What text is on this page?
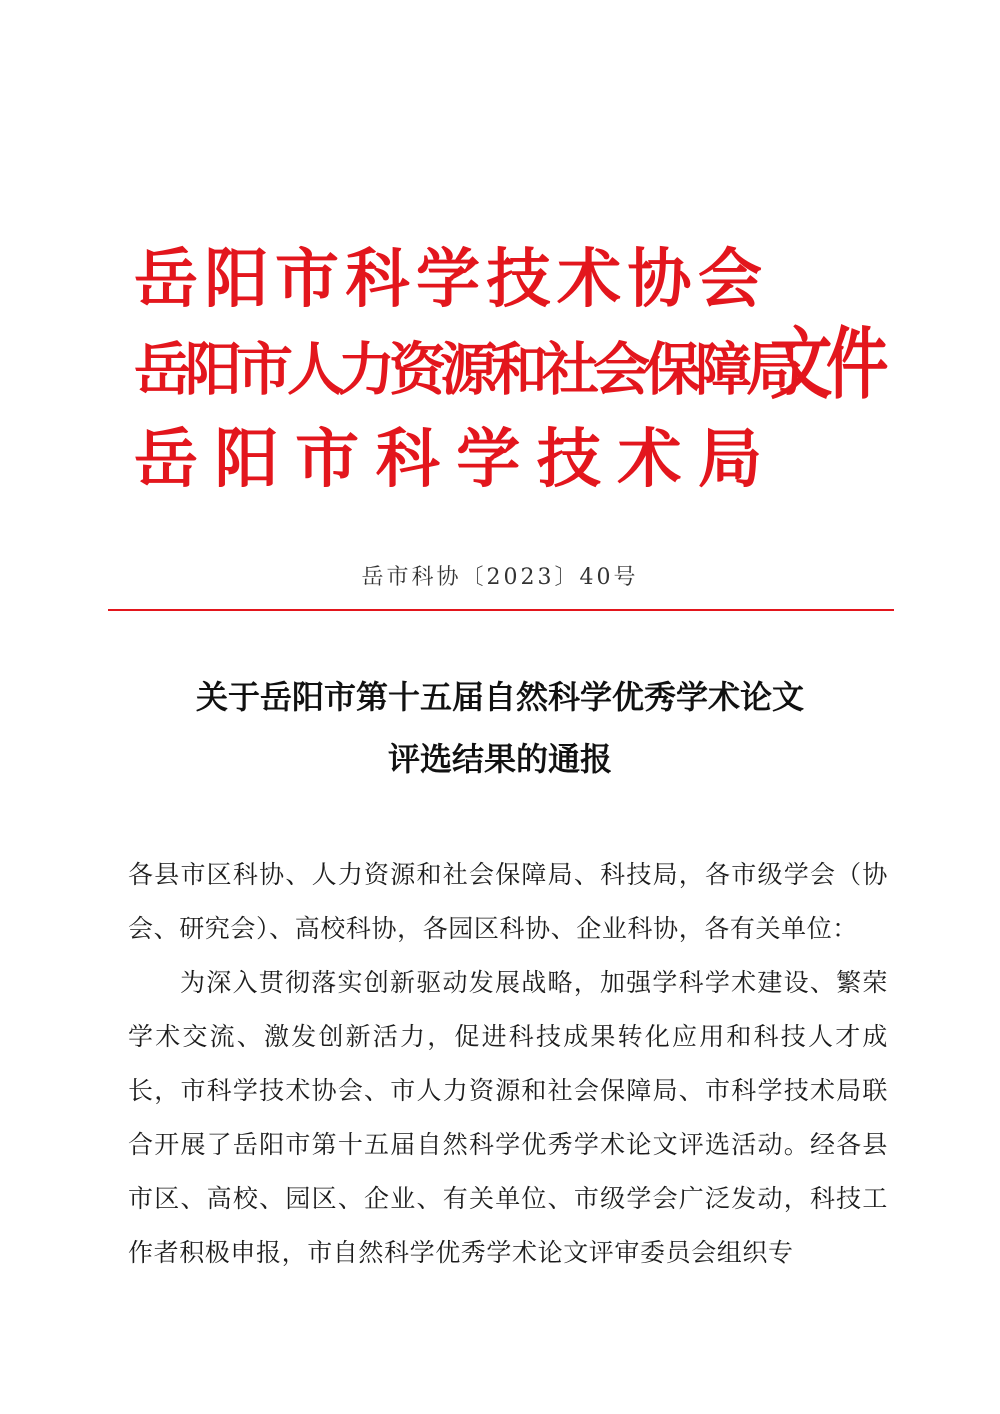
岳 阳 市 科 学 技 术 协 会
岳阳市人力资源和社会保障局
岳 阳 市 科 学 技 术 局
文件
岳市科协〔2023〕40号
关于岳阳市第十五届自然科学优秀学术论文
评选结果的通报

各县市区科协、人力资源和社会保障局、科技局，各市级学会（协会、研究会）、高校科协，各园区科协、企业科协，各有关单位：

为深入贯彻落实创新驱动发展战略，加强学科学术建设、繁荣学术交流、激发创新活力，促进科技成果转化应用和科技人才成长，市科学技术协会、市人力资源和社会保障局、市科学技术局联合开展了岳阳市第十五届自然科学优秀学术论文评选活动。经各县市区、高校、园区、企业、有关单位、市级学会广泛发动，科技工作者积极申报，市自然科学优秀学术论文评审委员会组织专
